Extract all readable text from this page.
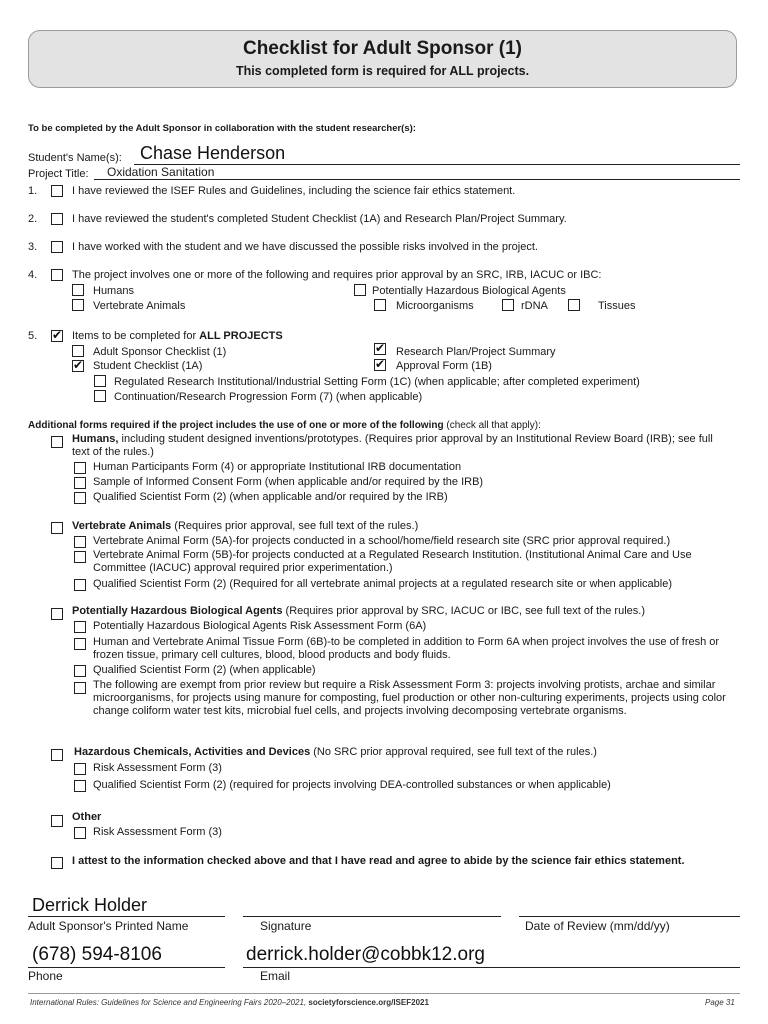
Checklist for Adult Sponsor (1)
This completed form is required for ALL projects.
To be completed by the Adult Sponsor in collaboration with the student researcher(s):
Student's Name(s): Chase Henderson
Project Title: Oxidation Sanitation
1.	I have reviewed the ISEF Rules and Guidelines, including the science fair ethics statement.
2.	I have reviewed the student's completed Student Checklist (1A) and Research Plan/Project Summary.
3.	I have worked with the student and we have discussed the possible risks involved in the project.
4.	The project involves one or more of the following and requires prior approval by an SRC, IRB, IACUC or IBC:
Humans
Vertebrate Animals
Potentially Hazardous Biological Agents
Microorganisms	rDNA	Tissues
5.
✔	Items to be completed for ALL PROJECTS
Adult Sponsor Checklist (1)
✔
Student Checklist (1A)
✔
Research Plan/Project Summary
✔
Approval Form (1B)
Regulated Research Institutional/Industrial Setting Form (1C) (when applicable; after completed experiment)
Continuation/Research Progression Form (7) (when applicable)
Additional forms required if the project includes the use of one or more of the following (check all that apply):
Humans, including student designed inventions/prototypes. (Requires prior approval by an Institutional Review Board (IRB); see full text of the rules.)
Human Participants Form (4) or appropriate Institutional IRB documentation
Sample of Informed Consent Form (when applicable and/or required by the IRB)
Qualified Scientist Form (2) (when applicable and/or required by the IRB)
Vertebrate Animals (Requires prior approval, see full text of the rules.)
Vertebrate Animal Form (5A)-for projects conducted in a school/home/field research site (SRC prior approval required.)
Vertebrate Animal Form (5B)-for projects conducted at a Regulated Research Institution. (Institutional Animal Care and Use Committee (IACUC) approval required prior experimentation.)
Qualified Scientist Form (2) (Required for all vertebrate animal projects at a regulated research site or when applicable)
Potentially Hazardous Biological Agents (Requires prior approval by SRC, IACUC or IBC, see full text of the rules.)
Potentially Hazardous Biological Agents Risk Assessment Form (6A)
Human and Vertebrate Animal Tissue Form (6B)-to be completed in addition to Form 6A when project involves the use of fresh or frozen tissue, primary cell cultures, blood, blood products and body fluids.
Qualified Scientist Form (2) (when applicable)
The following are exempt from prior review but require a Risk Assessment Form 3: projects involving protists, archae and similar microorganisms, for projects using manure for composting, fuel production or other non-culturing experiments, projects using color change coliform water test kits, microbial fuel cells, and projects involving decomposing vertebrate organisms.
Hazardous Chemicals, Activities and Devices (No SRC prior approval required, see full text of the rules.)
Risk Assessment Form (3)
Qualified Scientist Form (2) (required for projects involving DEA-controlled substances or when applicable)
Other
Risk Assessment Form (3)
I attest to the information checked above and that I have read and agree to abide by the science fair ethics statement.
Derrick Holder
Adult Sponsor's Printed Name	Signature	Date of Review (mm/dd/yy)
(678) 594-8106	derrick.holder@cobbk12.org
Phone	Email
International Rules: Guidelines for Science and Engineering Fairs 2020–2021, societyforscience.org/ISEF2021	Page 31
